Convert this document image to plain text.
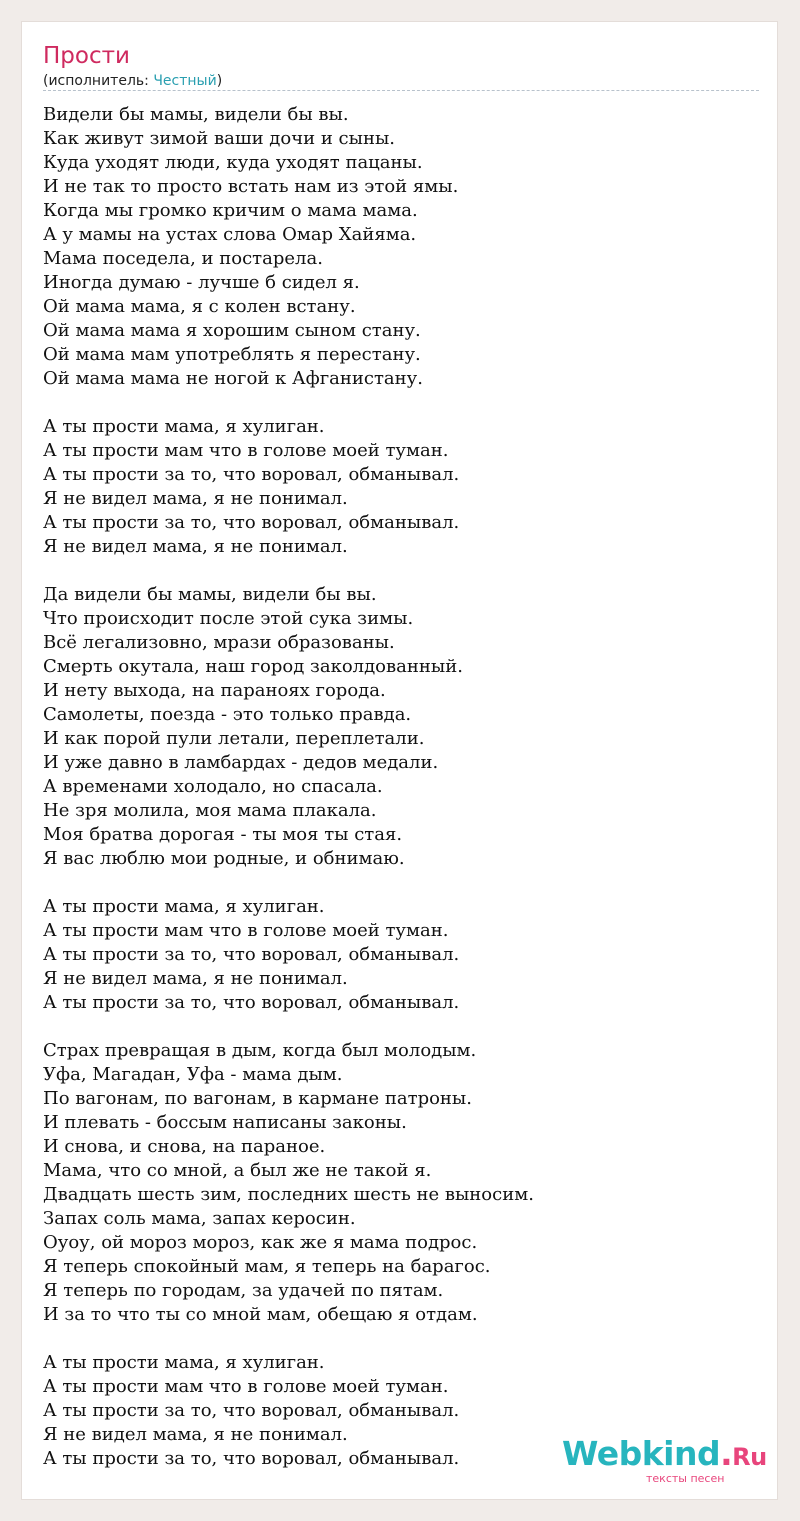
Прости
(исполнитель: Честный)
Видели бы мамы, видели бы вы.
Как живут зимой ваши дочи и сыны.
Куда уходят люди, куда уходят пацаны.
И не так то просто встать нам из этой ямы.
Когда мы громко кричим о мама мама.
А у мамы на устах слова Омар Хайяма.
Мама поседела, и постарела.
Иногда думаю - лучше б сидел я.
Ой мама мама, я с колен встану.
Ой мама мама я хорошим сыном стану.
Ой мама мам употреблять я перестану.
Ой мама мама не ногой к Афганистану.
А ты прости мама, я хулиган.
А ты прости мам что в голове моей туман.
А ты прости за то, что воровал, обманывал.
Я не видел мама, я не понимал.
А ты прости за то, что воровал, обманывал.
Я не видел мама, я не понимал.
Да видели бы мамы, видели бы вы.
Что происходит после этой сука зимы.
Всё легализовно, мрази образованы.
Смерть окутала, наш город заколдованный.
И нету выхода, на параноях города.
Самолеты, поезда - это только правда.
И как порой пули летали, переплетали.
И уже давно в ламбардах - дедов медали.
А временами холодало, но спасала.
Не зря молила, моя мама плакала.
Моя братва дорогая - ты моя ты стая.
Я вас люблю мои родные, и обнимаю.
А ты прости мама, я хулиган.
А ты прости мам что в голове моей туман.
А ты прости за то, что воровал, обманывал.
Я не видел мама, я не понимал.
А ты прости за то, что воровал, обманывал.
Страх превращая в дым, когда был молодым.
Уфа, Магадан, Уфа - мама дым.
По вагонам, по вагонам, в кармане патроны.
И плевать - боссым написаны законы.
И снова, и снова, на параное.
Мама, что со мной, а был же не такой я.
Двадцать шесть зим, последних шесть не выносим.
Запах соль мама, запах керосин.
Оуоу, ой мороз мороз, как же я мама подрос.
Я теперь спокойный мам, я теперь на барагос.
Я теперь по городам, за удачей по пятам.
И за то что ты со мной мам, обещаю я отдам.
А ты прости мама, я хулиган.
А ты прости мам что в голове моей туман.
А ты прости за то, что воровал, обманывал.
Я не видел мама, я не понимал.
А ты прости за то, что воровал, обманывал.	Webkind.Ru
тексты песен
